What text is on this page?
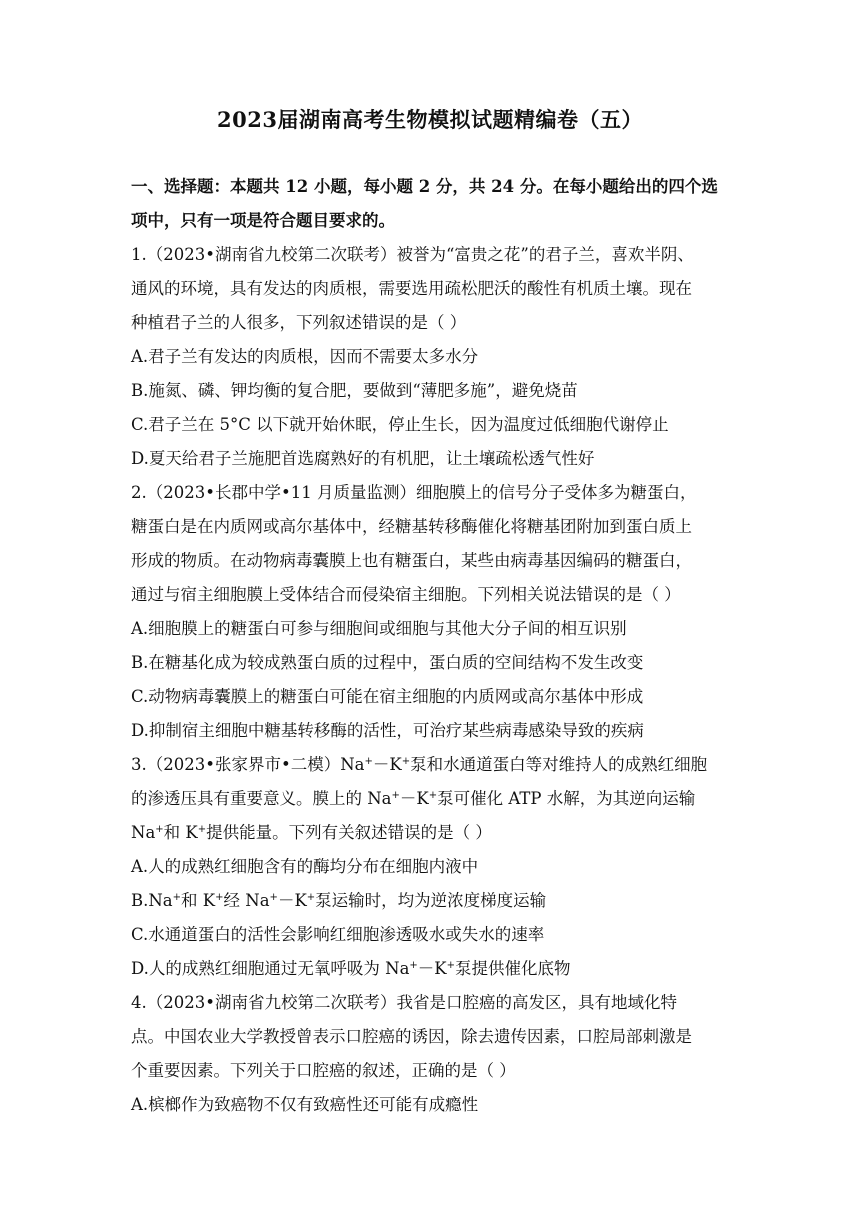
2023届湖南高考生物模拟试题精编卷（五）
一、选择题：本题共 12 小题，每小题 2 分，共 24 分。在每小题给出的四个选
项中，只有一项是符合题目要求的。
1.（2023•湖南省九校第二次联考）被誉为“富贵之花”的君子兰，喜欢半阴、
通风的环境，具有发达的肉质根，需要选用疏松肥沃的酸性有机质土壤。现在
种植君子兰的人很多，下列叙述错误的是（ ）
A.君子兰有发达的肉质根，因而不需要太多水分
B.施氮、磷、钾均衡的复合肥，要做到“薄肥多施”，避免烧苗
C.君子兰在 5°C 以下就开始休眠，停止生长，因为温度过低细胞代谢停止
D.夏天给君子兰施肥首选腐熟好的有机肥，让土壤疏松透气性好
2.（2023•长郡中学•11 月质量监测）细胞膜上的信号分子受体多为糖蛋白，
糖蛋白是在内质网或高尔基体中，经糖基转移酶催化将糖基团附加到蛋白质上
形成的物质。在动物病毒囊膜上也有糖蛋白，某些由病毒基因编码的糖蛋白，
通过与宿主细胞膜上受体结合而侵染宿主细胞。下列相关说法错误的是（ ）
A.细胞膜上的糖蛋白可参与细胞间或细胞与其他大分子间的相互识别
B.在糖基化成为较成熟蛋白质的过程中，蛋白质的空间结构不发生改变
C.动物病毒囊膜上的糖蛋白可能在宿主细胞的内质网或高尔基体中形成
D.抑制宿主细胞中糖基转移酶的活性，可治疗某些病毒感染导致的疾病
3.（2023•张家界市•二模）Na+－K+泵和水通道蛋白等对维持人的成熟红细胞
的渗透压具有重要意义。膜上的 Na+－K+泵可催化 ATP 水解，为其逆向运输
Na+和 K+提供能量。下列有关叙述错误的是（ ）
A.人的成熟红细胞含有的酶均分布在细胞内液中
B.Na+和 K+经 Na+－K+泵运输时，均为逆浓度梯度运输
C.水通道蛋白的活性会影响红细胞渗透吸水或失水的速率
D.人的成熟红细胞通过无氧呼吸为 Na+－K+泵提供催化底物
4.（2023•湖南省九校第二次联考）我省是口腔癌的高发区，具有地域化特
点。中国农业大学教授曾表示口腔癌的诱因，除去遗传因素，口腔局部刺激是
个重要因素。下列关于口腔癌的叙述，正确的是（ ）
A.槟榔作为致癌物不仅有致癌性还可能有成瘾性
